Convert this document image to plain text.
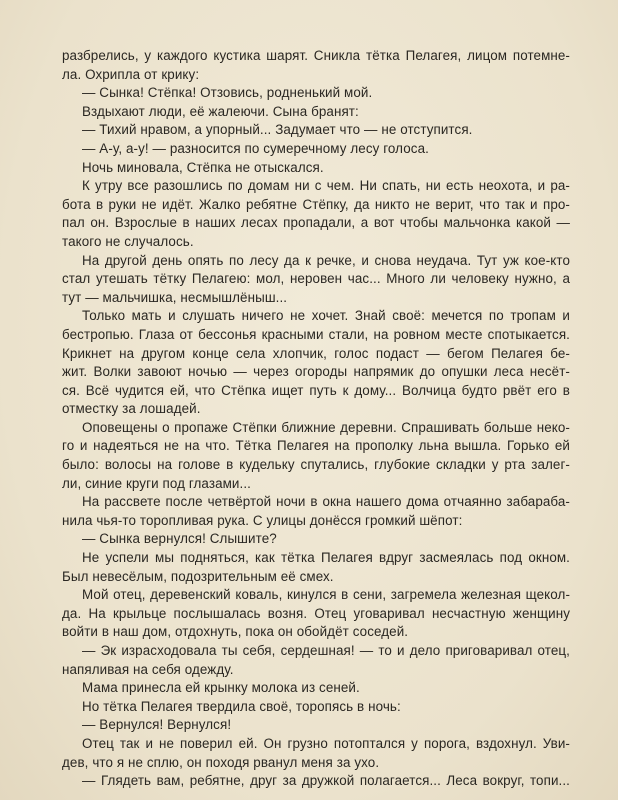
разбрелись, у каждого кустика шарят. Сникла тётка Пелагея, лицом потемне-
ла. Охрипла от крику:
— Сынка! Стёпка! Отзовись, родненький мой.
Вздыхают люди, её жалеючи. Сына бранят:
— Тихий нравом, а упорный... Задумает что — не отступится.
— А-у, а-у! — разносится по сумеречному лесу голоса.
Ночь миновала, Стёпка не отыскался.
К утру все разошлись по домам ни с чем. Ни спать, ни есть неохота, и ра-
бота в руки не идёт. Жалко ребятне Стёпку, да никто не верит, что так и про-
пал он. Взрослые в наших лесах пропадали, а вот чтобы мальчонка какой —
такого не случалось.
На другой день опять по лесу да к речке, и снова неудача. Тут уж кое-кто
стал утешать тётку Пелагею: мол, неровен час... Много ли человеку нужно, а
тут — мальчишка, несмышлёныш...
Только мать и слушать ничего не хочет. Знай своё: мечется по тропам и
бестропью. Глаза от бессонья красными стали, на ровном месте спотыкается.
Крикнет на другом конце села хлопчик, голос подаст — бегом Пелагея бе-
жит. Волки завоют ночью — через огороды напрямик до опушки леса несёт-
ся. Всё чудится ей, что Стёпка ищет путь к дому... Волчица будто рвёт его в
отместку за лошадей.
Оповещены о пропаже Стёпки ближние деревни. Спрашивать больше неко-
го и надеяться не на что. Тётка Пелагея на прополку льна вышла. Горько ей
было: волосы на голове в кудельку спутались, глубокие складки у рта залег-
ли, синие круги под глазами...
На рассвете после четвёртой ночи в окна нашего дома отчаянно забараба-
нила чья-то торопливая рука. С улицы донёсся громкий шёпот:
— Сынка вернулся! Слышите?
Не успели мы подняться, как тётка Пелагея вдруг засмеялась под окном.
Был невесёлым, подозрительным её смех.
Мой отец, деревенский коваль, кинулся в сени, загремела железная щекол-
да. На крыльце послышалась возня. Отец уговаривал несчастную женщину
войти в наш дом, отдохнуть, пока он обойдёт соседей.
— Эк израсходовала ты себя, сердешная! — то и дело приговаривал отец,
напяливая на себя одежду.
Мама принесла ей крынку молока из сеней.
Но тётка Пелагея твердила своё, торопясь в ночь:
— Вернулся! Вернулся!
Отец так и не поверил ей. Он грузно потоптался у порога, вздохнул. Уви-
дев, что я не сплю, он походя рванул меня за ухо.
— Глядеть вам, ребятне, друг за дружкой полагается... Леса вокруг, топи...
